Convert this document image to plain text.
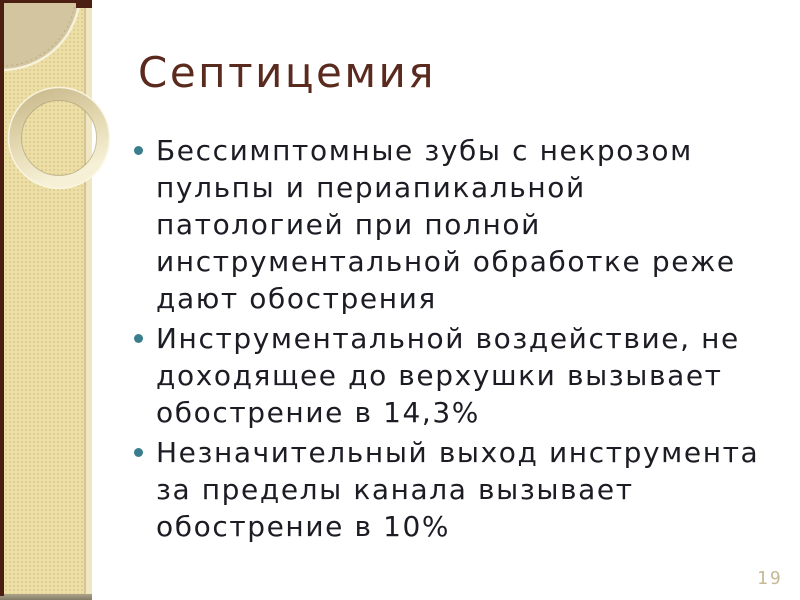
Септицемия
Бессимптомные зубы с некрозом
пульпы и периапикальной
патологией при полной
инструментальной обработке реже
дают обострения
Инструментальной воздействие, не
доходящее до верхушки вызывает
обострение в 14,3%
Незначительный выход инструмента
за пределы канала вызывает
обострение в 10%
19
